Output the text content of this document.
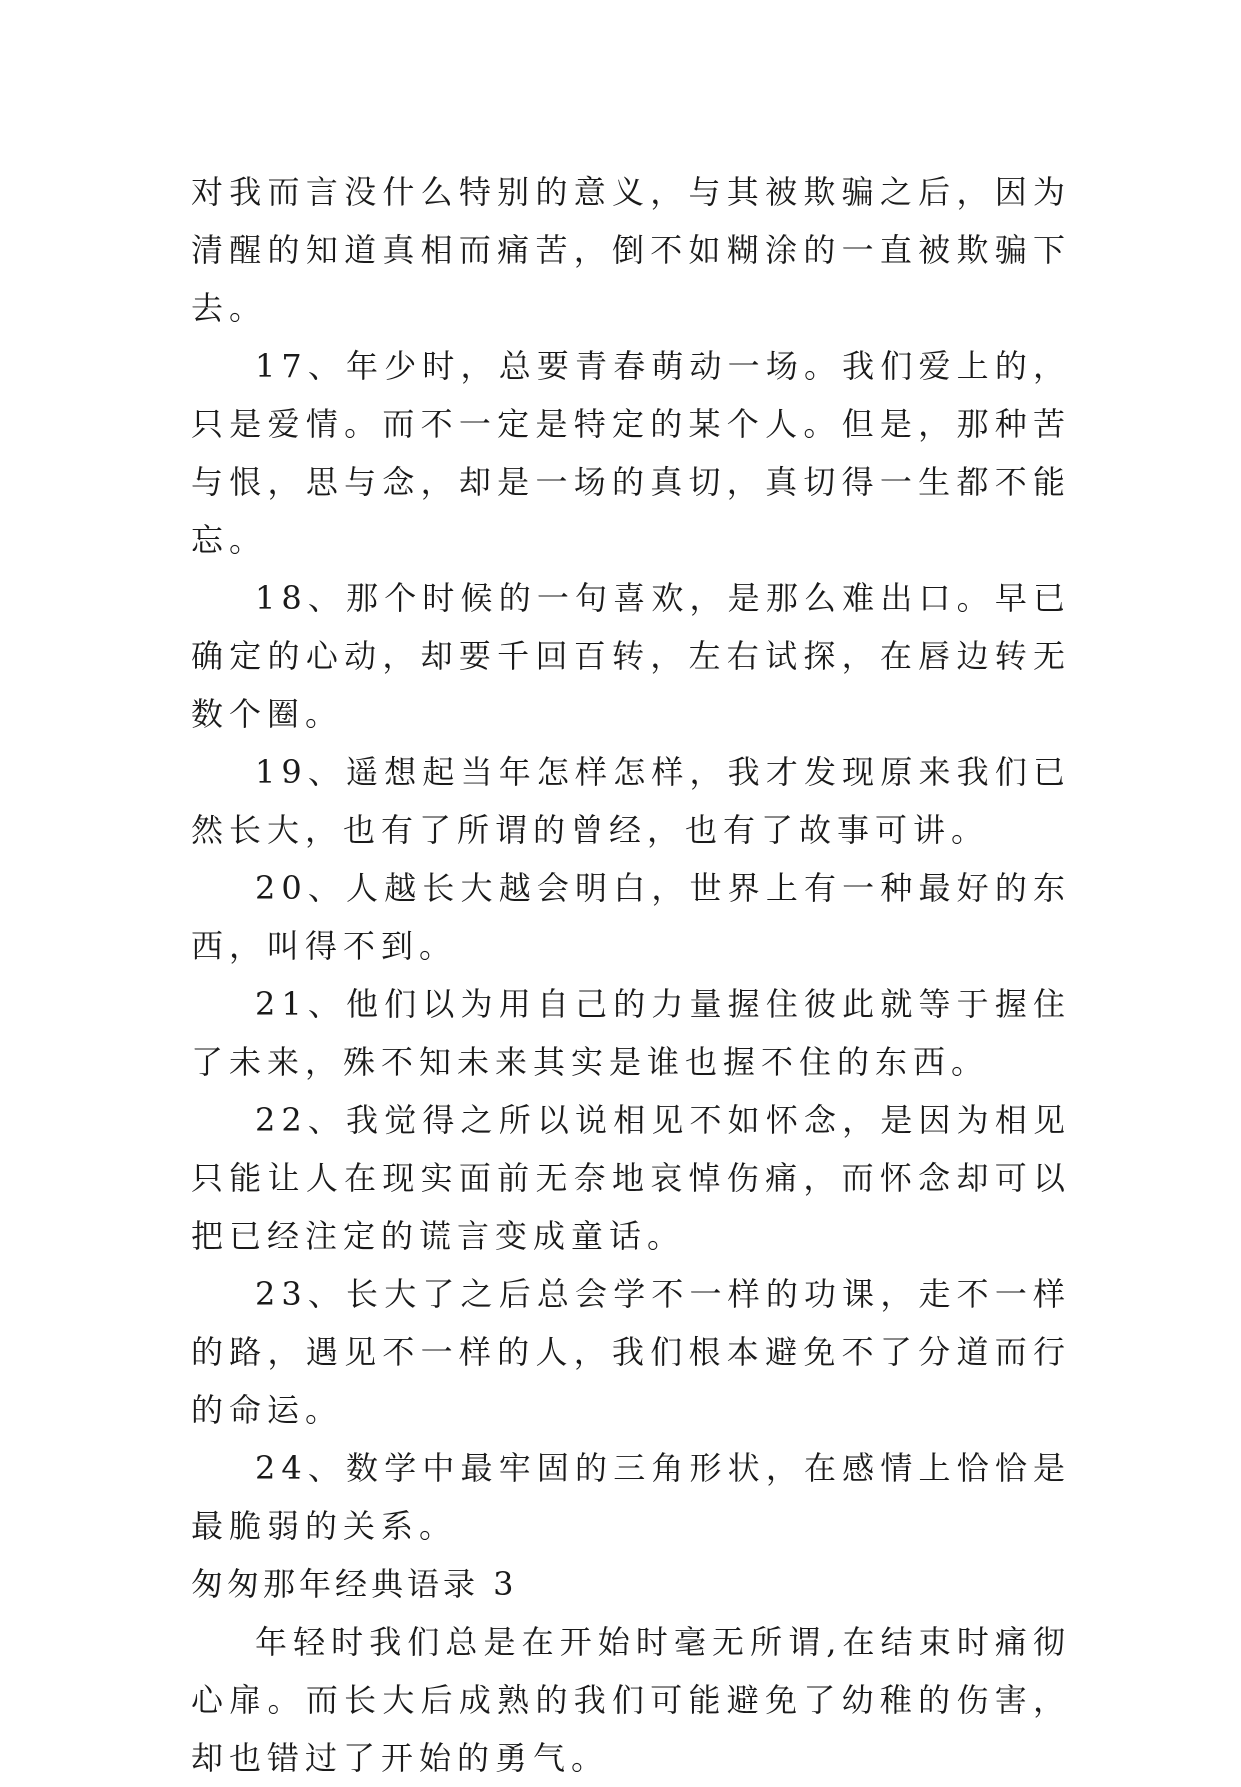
对我而言没什么特别的意义，与其被欺骗之后，因为清醒的知道真相而痛苦，倒不如糊涂的一直被欺骗下去。

17、年少时，总要青春萌动一场。我们爱上的，只是爱情。而不一定是特定的某个人。但是，那种苦与恨，思与念，却是一场的真切，真切得一生都不能忘。

18、那个时候的一句喜欢，是那么难出口。早已确定的心动，却要千回百转，左右试探，在唇边转无数个圈。

19、遥想起当年怎样怎样，我才发现原来我们已然长大，也有了所谓的曾经，也有了故事可讲。

20、人越长大越会明白，世界上有一种最好的东西，叫得不到。

21、他们以为用自己的力量握住彼此就等于握住了未来，殊不知未来其实是谁也握不住的东西。

22、我觉得之所以说相见不如怀念，是因为相见只能让人在现实面前无奈地哀悼伤痛，而怀念却可以把已经注定的谎言变成童话。

23、长大了之后总会学不一样的功课，走不一样的路，遇见不一样的人，我们根本避免不了分道而行的命运。

24、数学中最牢固的三角形状，在感情上恰恰是最脆弱的关系。

匆匆那年经典语录 3

年轻时我们总是在开始时毫无所谓,在结束时痛彻心扉。而长大后成熟的我们可能避免了幼稚的伤害，却也错过了开始的勇气。
